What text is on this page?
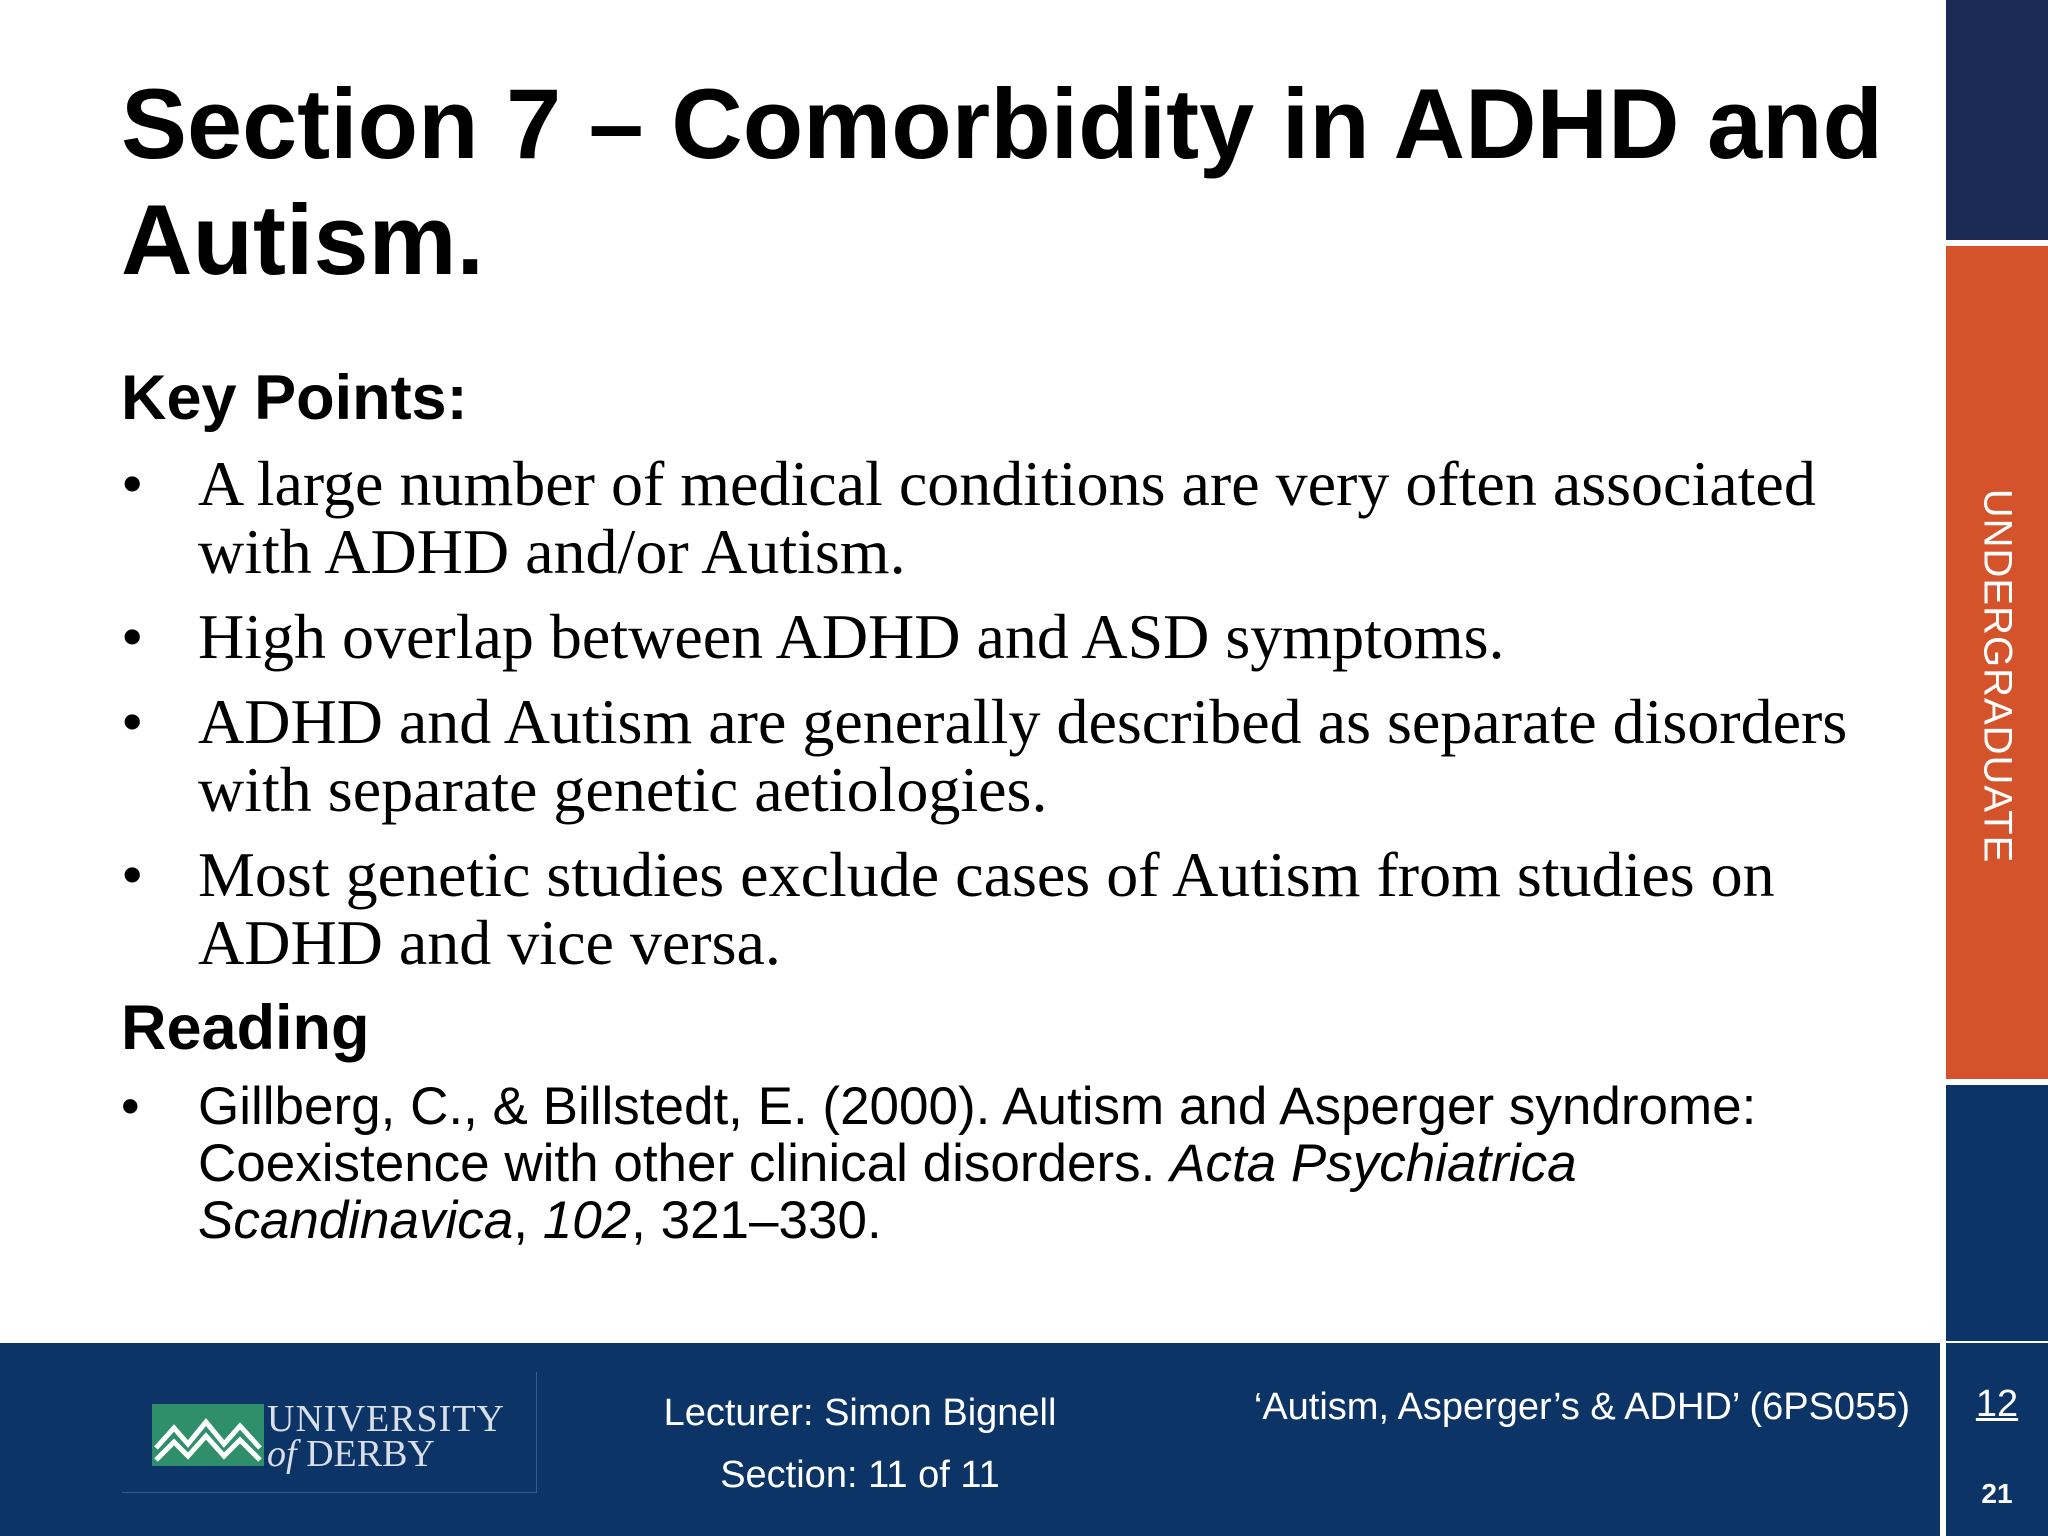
Section 7 – Comorbidity in ADHD and Autism.
Key Points:
• A large number of medical conditions are very often associated with ADHD and/or Autism.
• High overlap between ADHD and ASD symptoms.
• ADHD and Autism are generally described as separate disorders with separate genetic aetiologies.
• Most genetic studies exclude cases of Autism from studies on ADHD and vice versa.
Reading
• Gillberg, C., & Billstedt, E. (2000). Autism and Asperger syndrome: Coexistence with other clinical disorders. Acta Psychiatrica Scandinavica, 102, 321–330.
UNDERGRADUATE
UNIVERSITY
of DERBY

Lecturer: Simon Bignell

Section: 11 of 11

‘Autism, Asperger’s & ADHD’ (6PS055)	12
21
